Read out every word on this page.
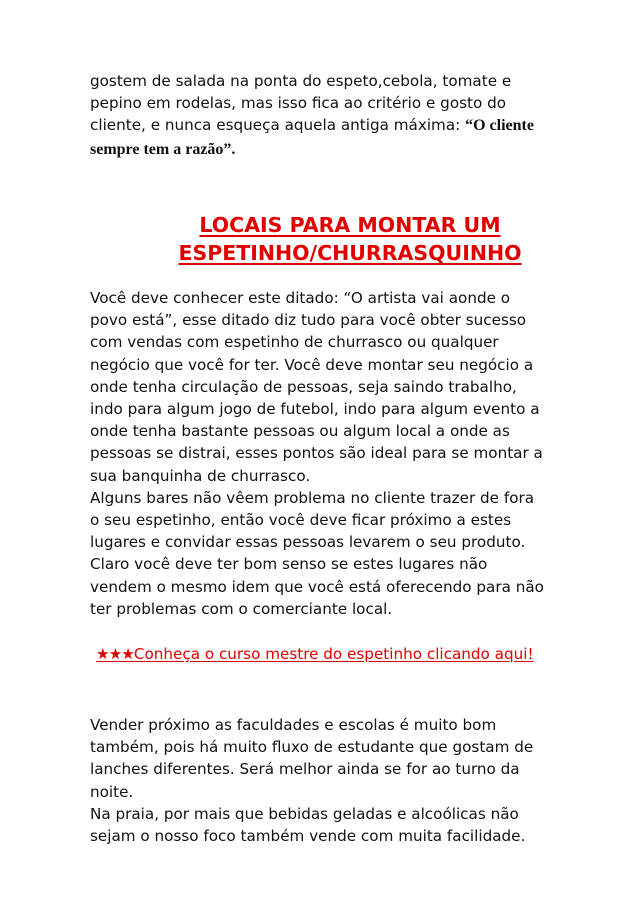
gostem de salada na ponta do espeto,cebola, tomate e
pepino em rodelas, mas isso fica ao critério e gosto do
cliente, e nunca esqueça aquela antiga máxima: “O cliente
sempre tem a razão”.

LOCAIS PARA MONTAR UM
ESPETINHO/CHURRASQUINHO

Você deve conhecer este ditado: “O artista vai aonde o
povo está”, esse ditado diz tudo para você obter sucesso
com vendas com espetinho de churrasco ou qualquer
negócio que você for ter. Você deve montar seu negócio a
onde tenha circulação de pessoas, seja saindo trabalho,
indo para algum jogo de futebol, indo para algum evento a
onde tenha bastante pessoas ou algum local a onde as
pessoas se distrai, esses pontos são ideal para se montar a
sua banquinha de churrasco.
Alguns bares não vêem problema no cliente trazer de fora
o seu espetinho, então você deve ficar próximo a estes
lugares e convidar essas pessoas levarem o seu produto.
Claro você deve ter bom senso se estes lugares não
vendem o mesmo idem que você está oferecendo para não
ter problemas com o comerciante local.

★★★Conheça o curso mestre do espetinho clicando aqui!

Vender próximo as faculdades e escolas é muito bom
também, pois há muito fluxo de estudante que gostam de
lanches diferentes. Será melhor ainda se for ao turno da
noite.
Na praia, por mais que bebidas geladas e alcoólicas não
sejam o nosso foco também vende com muita facilidade.
